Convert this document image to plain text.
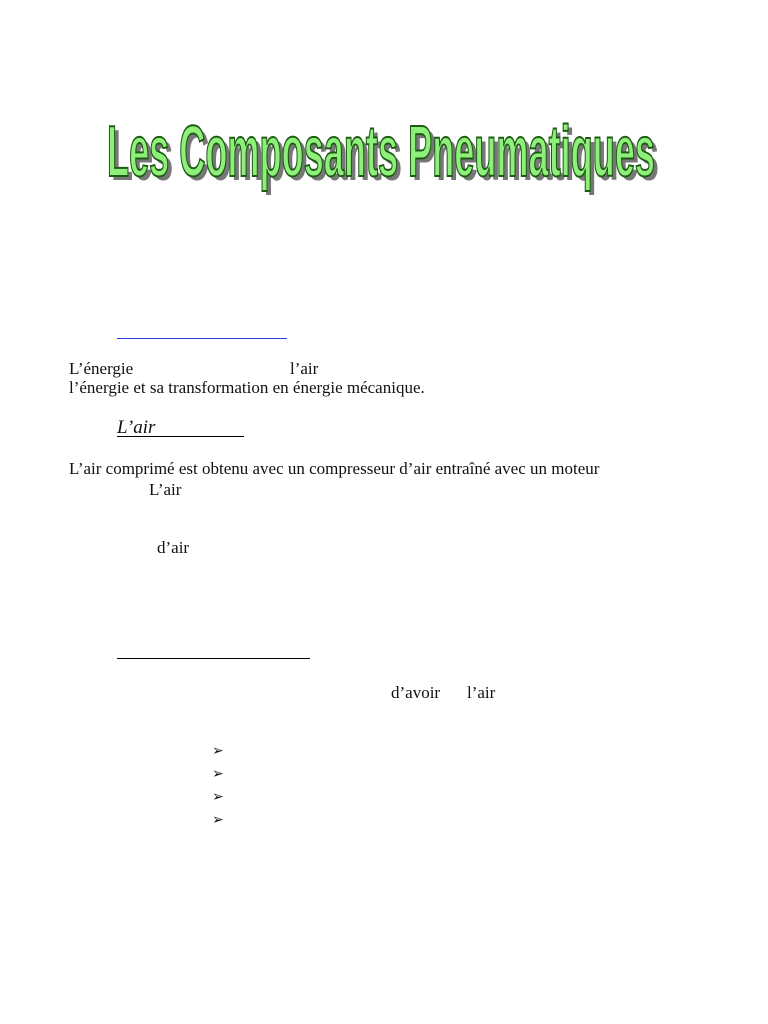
Les Composants Pneumatiques
Les Composants Pneumatiques
L’énergie	l’air
l’énergie et sa transformation en énergie mécanique.
L’air
L’air comprimé est obtenu avec un compresseur d’air entraîné avec un moteur
L’air
d’air
d’avoir l’air
➢
➢
➢
➢
